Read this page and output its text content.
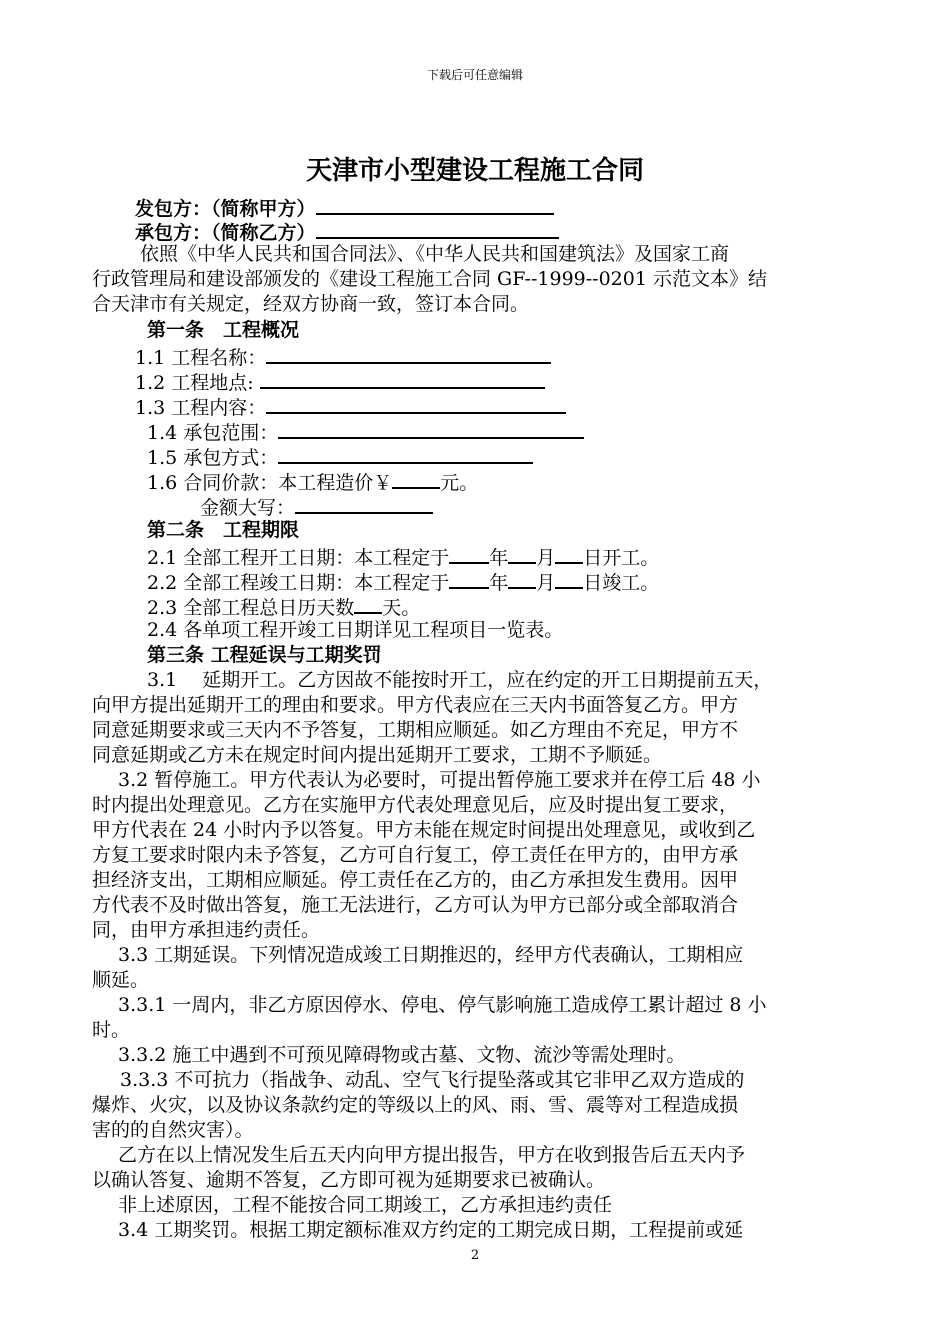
下载后可任意编辑
天津市小型建设工程施工合同
发包方：（简称甲方）
承包方：（简称乙方）
依照《中华人民共和国合同法》、《中华人民共和国建筑法》及国家工商
行政管理局和建设部颁发的《建设工程施工合同 GF--1999--0201 示范文本》结
合天津市有关规定，经双方协商一致，签订本合同。
第一条　工程概况
1.1 工程名称：
1.2 工程地点:
1.3 工程内容：
1.4 承包范围：
1.5 承包方式：
1.6 合同价款：本工程造价￥	元。
金额大写：
第二条　工程期限
2.1 全部工程开工日期：本工程定于 年 月 日开工。
2.2 全部工程竣工日期：本工程定于 年 月 日竣工。
2.3 全部工程总日历天数 天。
2.4 各单项工程开竣工日期详见工程项目一览表。
第三条 工程延误与工期奖罚
3.1　 延期开工。乙方因故不能按时开工，应在约定的开工日期提前五天，
向甲方提出延期开工的理由和要求。甲方代表应在三天内书面答复乙方。甲方
同意延期要求或三天内不予答复，工期相应顺延。如乙方理由不充足，甲方不
同意延期或乙方未在规定时间内提出延期开工要求，工期不予顺延。
3.2 暂停施工。甲方代表认为必要时，可提出暂停施工要求并在停工后 48 小
时内提出处理意见。乙方在实施甲方代表处理意见后，应及时提出复工要求，
甲方代表在 24 小时内予以答复。甲方未能在规定时间提出处理意见，或收到乙
方复工要求时限内未予答复，乙方可自行复工，停工责任在甲方的，由甲方承
担经济支出，工期相应顺延。停工责任在乙方的，由乙方承担发生费用。因甲
方代表不及时做出答复，施工无法进行，乙方可认为甲方已部分或全部取消合
同，由甲方承担违约责任。
3.3 工期延误。下列情况造成竣工日期推迟的，经甲方代表确认，工期相应
顺延。
3.3.1 一周内，非乙方原因停水、停电、停气影响施工造成停工累计超过 8 小
时。
3.3.2 施工中遇到不可预见障碍物或古墓、文物、流沙等需处理时。
3.3.3 不可抗力（指战争、动乱、空气飞行提坠落或其它非甲乙双方造成的
爆炸、火灾，以及协议条款约定的等级以上的风、雨、雪、震等对工程造成损
害的的自然灾害）。
乙方在以上情况发生后五天内向甲方提出报告，甲方在收到报告后五天内予
以确认答复、逾期不答复，乙方即可视为延期要求已被确认。
非上述原因，工程不能按合同工期竣工，乙方承担违约责任
3.4 工期奖罚。根据工期定额标准双方约定的工期完成日期，工程提前或延
2
